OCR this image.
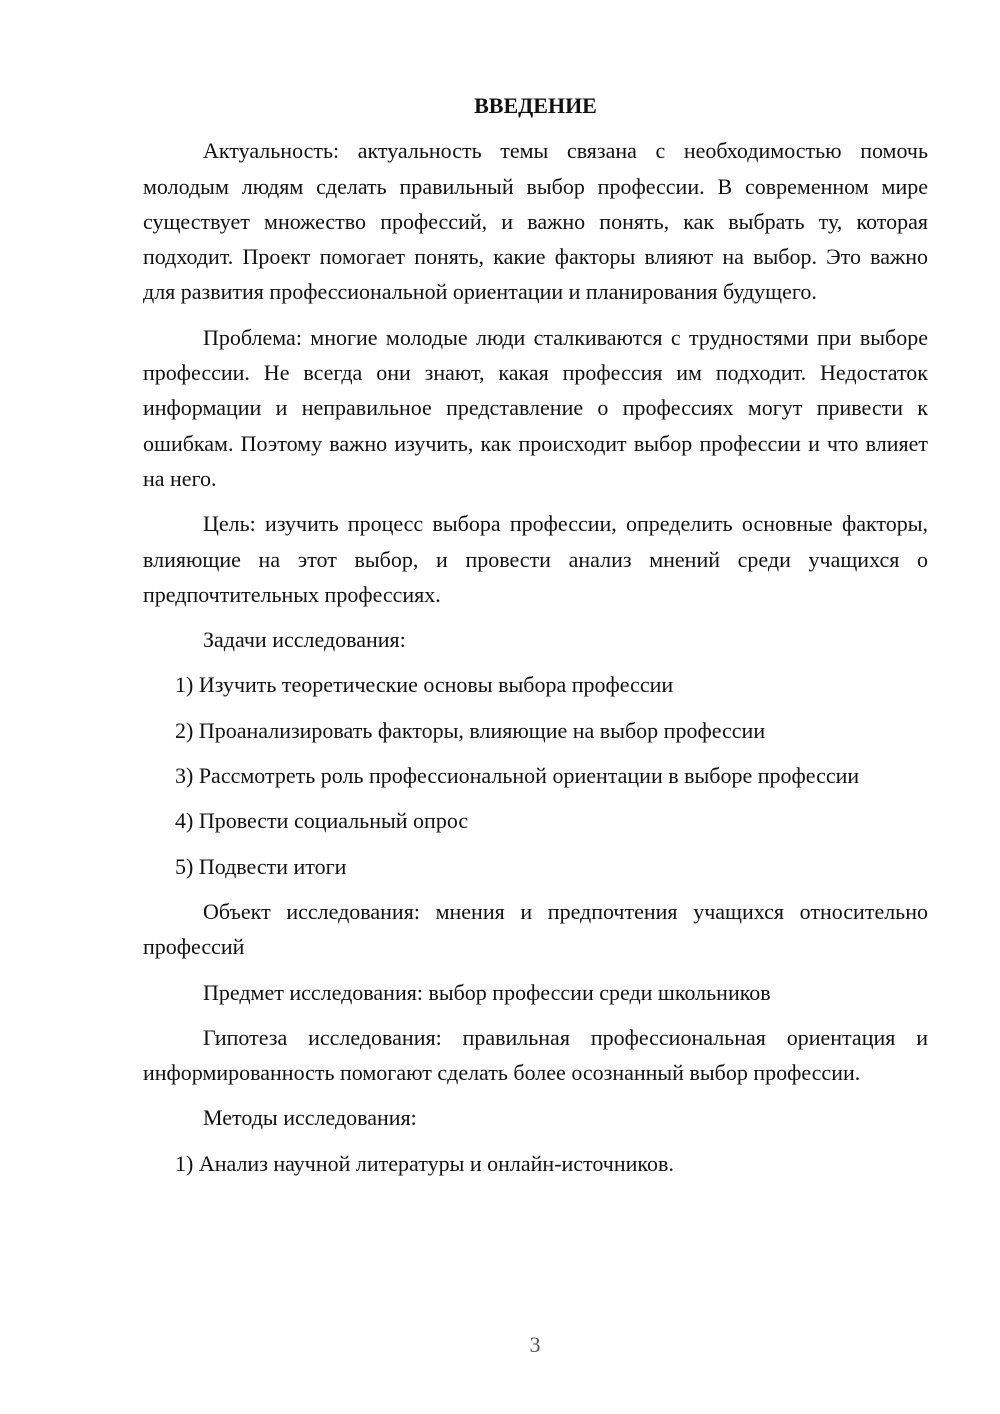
ВВЕДЕНИЕ

Актуальность: актуальность темы связана с необходимостью помочь молодым людям сделать правильный выбор профессии. В современном мире существует множество профессий, и важно понять, как выбрать ту, которая подходит. Проект помогает понять, какие факторы влияют на выбор. Это важно для развития профессиональной ориентации и планирования будущего.

Проблема: многие молодые люди сталкиваются с трудностями при выборе профессии. Не всегда они знают, какая профессия им подходит. Недостаток информации и неправильное представление о профессиях могут привести к ошибкам. Поэтому важно изучить, как происходит выбор профессии и что влияет на него.

Цель: изучить процесс выбора профессии, определить основные факторы, влияющие на этот выбор, и провести анализ мнений среди учащихся о предпочтительных профессиях.

Задачи исследования:

1) Изучить теоретические основы выбора профессии

2) Проанализировать факторы, влияющие на выбор профессии

3) Рассмотреть роль профессиональной ориентации в выборе профессии

4) Провести социальный опрос

5) Подвести итоги

Объект исследования: мнения и предпочтения учащихся относительно профессий

Предмет исследования: выбор профессии среди школьников

Гипотеза исследования: правильная профессиональная ориентация и информированность помогают сделать более осознанный выбор профессии.

Методы исследования:

1) Анализ научной литературы и онлайн-источников.

3
